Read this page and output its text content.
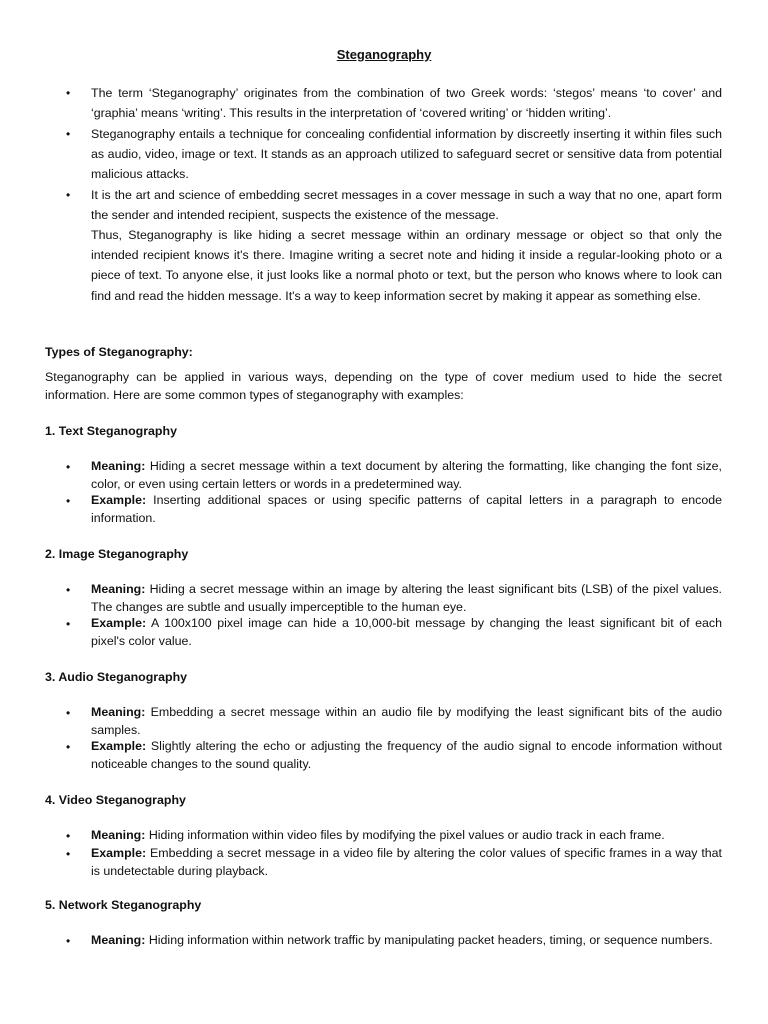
Steganography
• The term ‘Steganography’ originates from the combination of two Greek words: ‘stegos’ means ‘to cover’ and ‘graphia’ means ‘writing’. This results in the interpretation of ‘covered writing’ or ‘hidden writing’.
• Steganography entails a technique for concealing confidential information by discreetly inserting it within files such as audio, video, image or text. It stands as an approach utilized to safeguard secret or sensitive data from potential malicious attacks.
• It is the art and science of embedding secret messages in a cover message in such a way that no one, apart form the sender and intended recipient, suspects the existence of the message.
Thus, Steganography is like hiding a secret message within an ordinary message or object so that only the intended recipient knows it's there. Imagine writing a secret note and hiding it inside a regular-looking photo or a piece of text. To anyone else, it just looks like a normal photo or text, but the person who knows where to look can find and read the hidden message. It's a way to keep information secret by making it appear as something else.
Types of Steganography:
Steganography can be applied in various ways, depending on the type of cover medium used to hide the secret information. Here are some common types of steganography with examples:
1. Text Steganography
• Meaning: Hiding a secret message within a text document by altering the formatting, like changing the font size, color, or even using certain letters or words in a predetermined way.
• Example: Inserting additional spaces or using specific patterns of capital letters in a paragraph to encode information.
2. Image Steganography
• Meaning: Hiding a secret message within an image by altering the least significant bits (LSB) of the pixel values. The changes are subtle and usually imperceptible to the human eye.
• Example: A 100x100 pixel image can hide a 10,000-bit message by changing the least significant bit of each pixel's color value.
3. Audio Steganography
• Meaning: Embedding a secret message within an audio file by modifying the least significant bits of the audio samples.
• Example: Slightly altering the echo or adjusting the frequency of the audio signal to encode information without noticeable changes to the sound quality.
4. Video Steganography
• Meaning: Hiding information within video files by modifying the pixel values or audio track in each frame.
• Example: Embedding a secret message in a video file by altering the color values of specific frames in a way that is undetectable during playback.
5. Network Steganography
• Meaning: Hiding information within network traffic by manipulating packet headers, timing, or sequence numbers.
